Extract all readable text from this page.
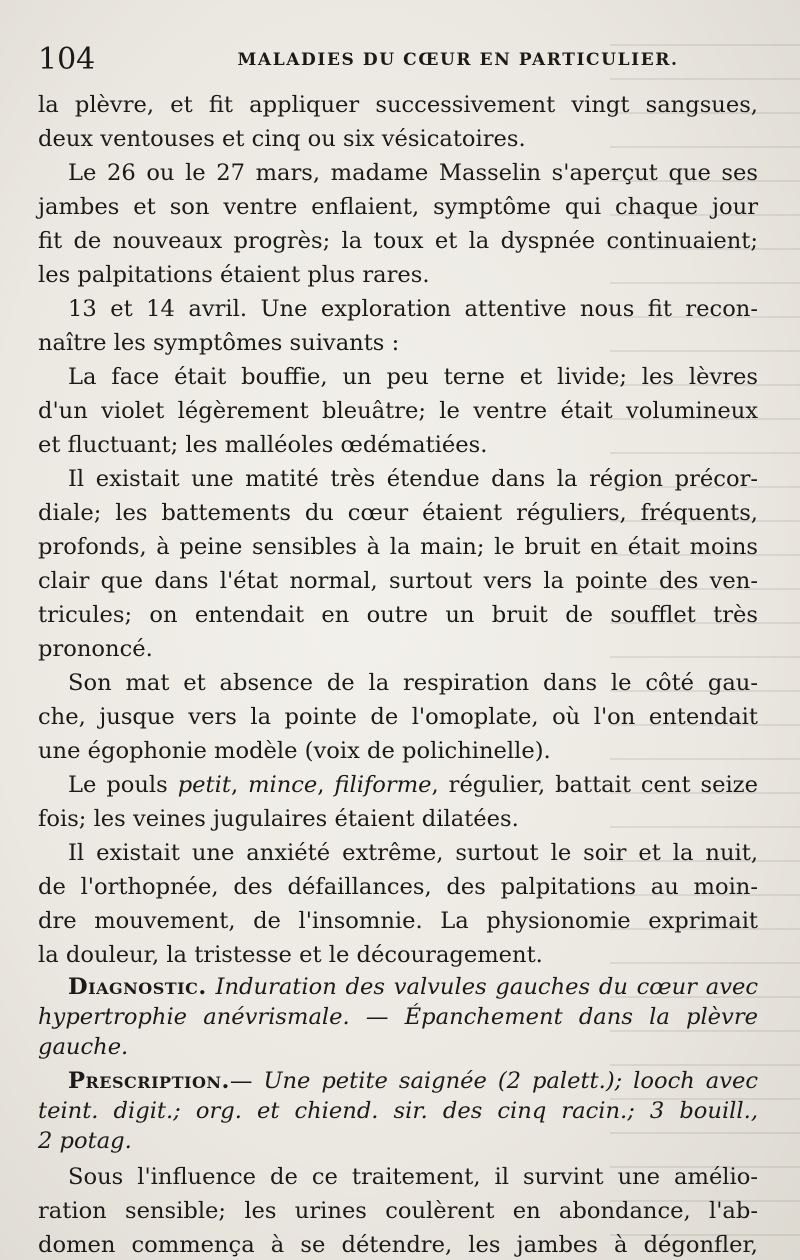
104	MALADIES DU CŒUR EN PARTICULIER.

la plèvre, et fit appliquer successivement vingt sangsues,
deux ventouses et cinq ou six vésicatoires.

Le 26 ou le 27 mars, madame Masselin s'aperçut que ses
jambes et son ventre enflaient, symptôme qui chaque jour
fit de nouveaux progrès; la toux et la dyspnée continuaient;
les palpitations étaient plus rares.

13 et 14 avril. Une exploration attentive nous fit recon-
naître les symptômes suivants :

La face était bouffie, un peu terne et livide; les lèvres
d'un violet légèrement bleuâtre; le ventre était volumineux
et fluctuant; les malléoles œdématiées.

Il existait une matité très étendue dans la région précor-
diale; les battements du cœur étaient réguliers, fréquents,
profonds, à peine sensibles à la main; le bruit en était moins
clair que dans l'état normal, surtout vers la pointe des ven-
tricules; on entendait en outre un bruit de soufflet très
prononcé.

Son mat et absence de la respiration dans le côté gau-
che, jusque vers la pointe de l'omoplate, où l'on entendait
une égophonie modèle (voix de polichinelle).

Le pouls petit, mince, filiforme, régulier, battait cent seize
fois; les veines jugulaires étaient dilatées.

Il existait une anxiété extrême, surtout le soir et la nuit,
de l'orthopnée, des défaillances, des palpitations au moin-
dre mouvement, de l'insomnie. La physionomie exprimait
la douleur, la tristesse et le découragement.

Diagnostic. Induration des valvules gauches du cœur avec
hypertrophie anévrismale. — Épanchement dans la plèvre
gauche.

Prescription.— Une petite saignée (2 palett.); looch avec
teint. digit.; org. et chiend. sir. des cinq racin.; 3 bouill.,
2 potag.

Sous l'influence de ce traitement, il survint une amélio-
ration sensible; les urines coulèrent en abondance, l'ab-
domen commença à se détendre, les jambes à dégonfler,
